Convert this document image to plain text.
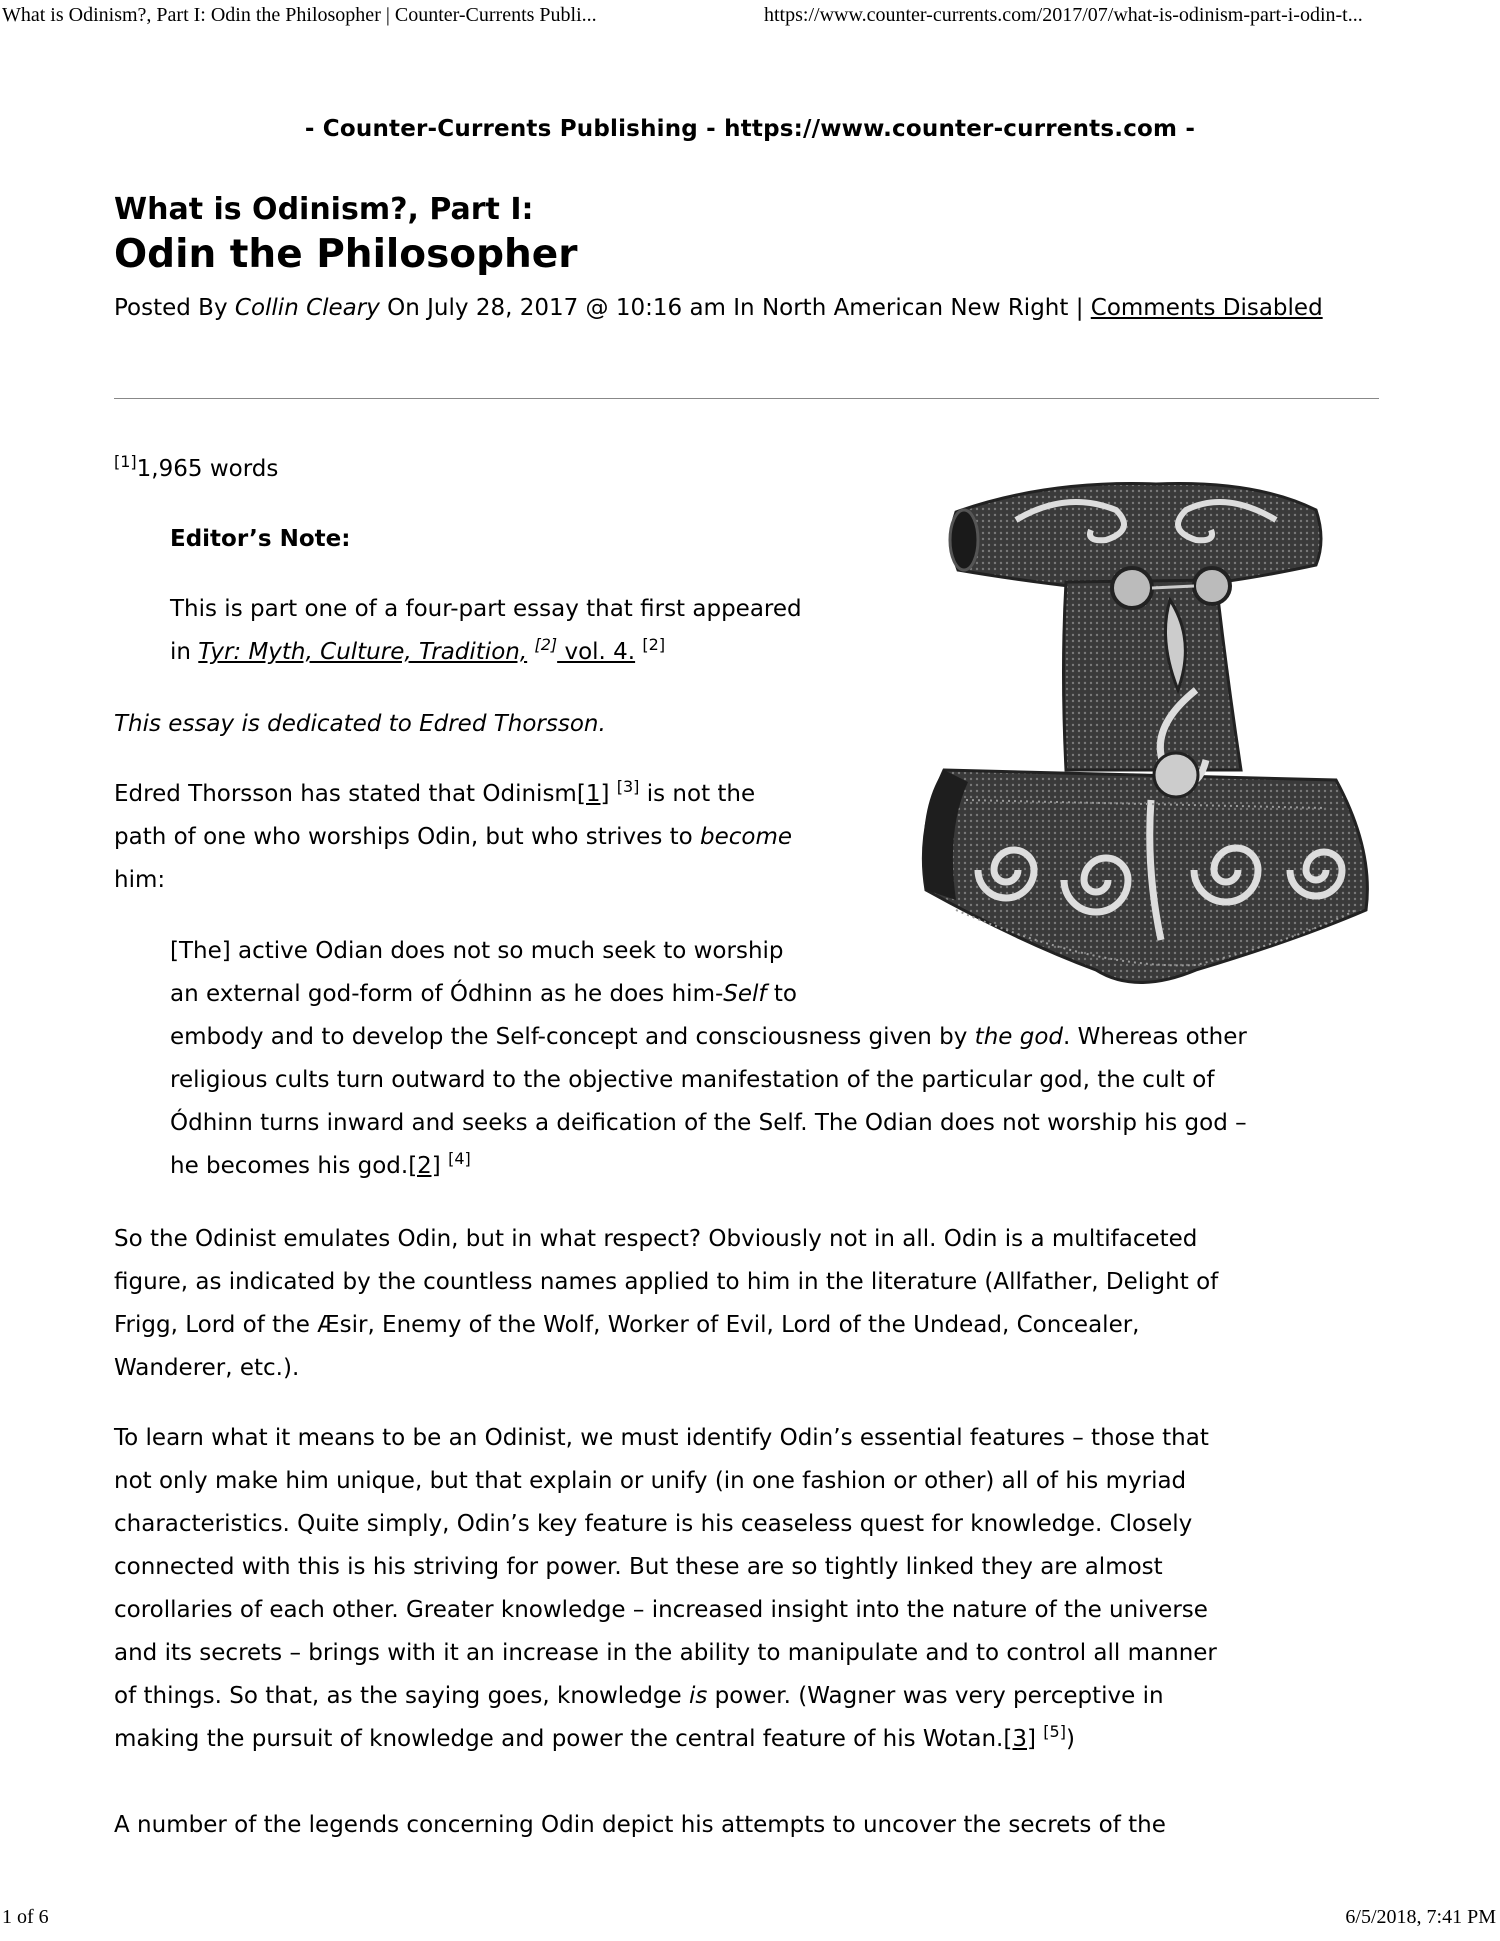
What is Odinism?, Part I: Odin the Philosopher | Counter-Currents Publi...	https://www.counter-currents.com/2017/07/what-is-odinism-part-i-odin-t...
- Counter-Currents Publishing - https://www.counter-currents.com -
What is Odinism?, Part I:
Odin the Philosopher
Posted By Collin Cleary On July 28, 2017 @ 10:16 am In North American New Right | Comments Disabled
[1]1,965 words
Editor’s Note:
This is part one of a four-part essay that first appeared
in Tyr: Myth, Culture, Tradition, [2] vol. 4. [2]
This essay is dedicated to Edred Thorsson.
Edred Thorsson has stated that Odinism[1] [3] is not the
path of one who worships Odin, but who strives to become
him:
[The] active Odian does not so much seek to worship
an external god-form of Ódhinn as he does him-Self to
embody and to develop the Self-concept and consciousness given by the god. Whereas other
religious cults turn outward to the objective manifestation of the particular god, the cult of
Ódhinn turns inward and seeks a deification of the Self. The Odian does not worship his god –
he becomes his god.[2] [4]
So the Odinist emulates Odin, but in what respect? Obviously not in all. Odin is a multifaceted
figure, as indicated by the countless names applied to him in the literature (Allfather, Delight of
Frigg, Lord of the Æsir, Enemy of the Wolf, Worker of Evil, Lord of the Undead, Concealer,
Wanderer, etc.).
To learn what it means to be an Odinist, we must identify Odin’s essential features – those that
not only make him unique, but that explain or unify (in one fashion or other) all of his myriad
characteristics. Quite simply, Odin’s key feature is his ceaseless quest for knowledge. Closely
connected with this is his striving for power. But these are so tightly linked they are almost
corollaries of each other. Greater knowledge – increased insight into the nature of the universe
and its secrets – brings with it an increase in the ability to manipulate and to control all manner
of things. So that, as the saying goes, knowledge is power. (Wagner was very perceptive in
making the pursuit of knowledge and power the central feature of his Wotan.[3] [5])
A number of the legends concerning Odin depict his attempts to uncover the secrets of the
1 of 6	6/5/2018, 7:41 PM
